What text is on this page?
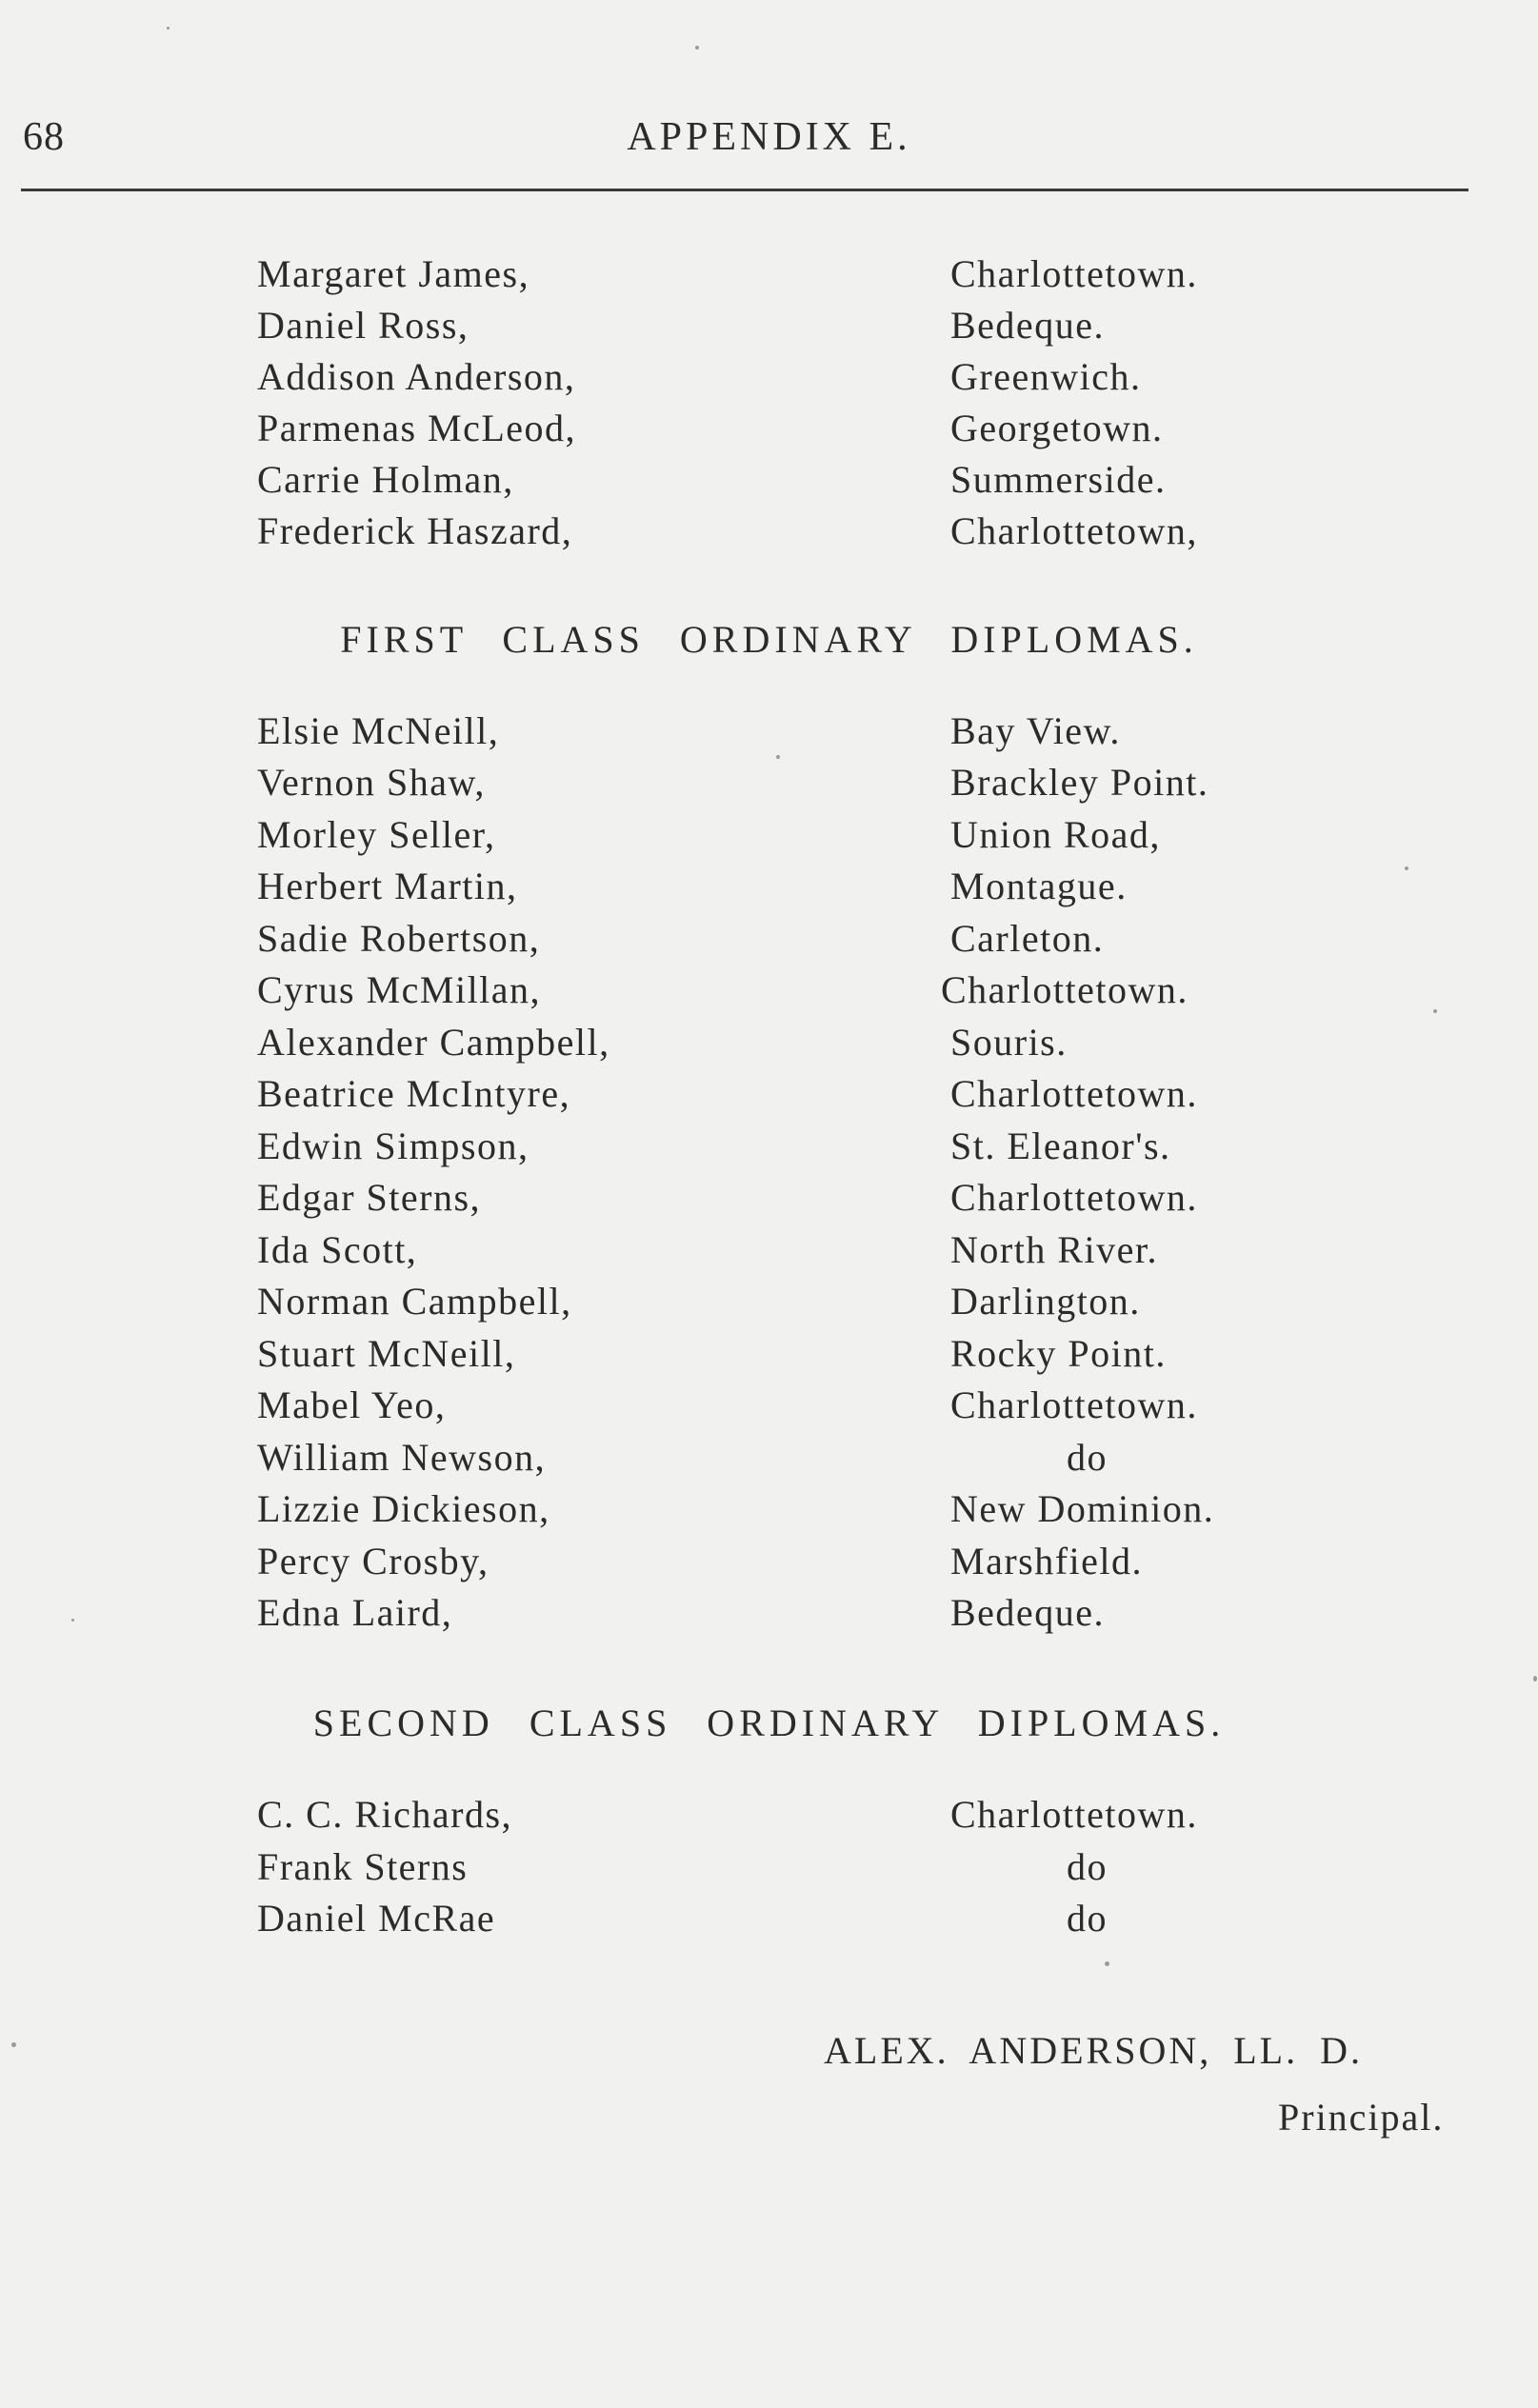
68	APPENDIX E.
Margaret James,	Charlottetown.
Daniel Ross,	Bedeque.
Addison Anderson,	Greenwich.
Parmenas McLeod,	Georgetown.
Carrie Holman,	Summerside.
Frederick Haszard,	Charlottetown,
FIRST CLASS ORDINARY DIPLOMAS.
Elsie McNeill,	Bay View.
Vernon Shaw,	Brackley Point.
Morley Seller,	Union Road,
Herbert Martin,	Montague.
Sadie Robertson,	Carleton.
Cyrus McMillan,	Charlottetown.
Alexander Campbell,	Souris.
Beatrice McIntyre,	Charlottetown.
Edwin Simpson,	St. Eleanor's.
Edgar Sterns,	Charlottetown.
Ida Scott,	North River.
Norman Campbell,	Darlington.
Stuart McNeill,	Rocky Point.
Mabel Yeo,	Charlottetown.
William Newson,	do
Lizzie Dickieson,	New Dominion.
Percy Crosby,	Marshfield.
Edna Laird,	Bedeque.
SECOND CLASS ORDINARY DIPLOMAS.
C. C. Richards,	Charlottetown.
Frank Sterns	do
Daniel McRae	do
ALEX. ANDERSON, LL. D.
Principal.
